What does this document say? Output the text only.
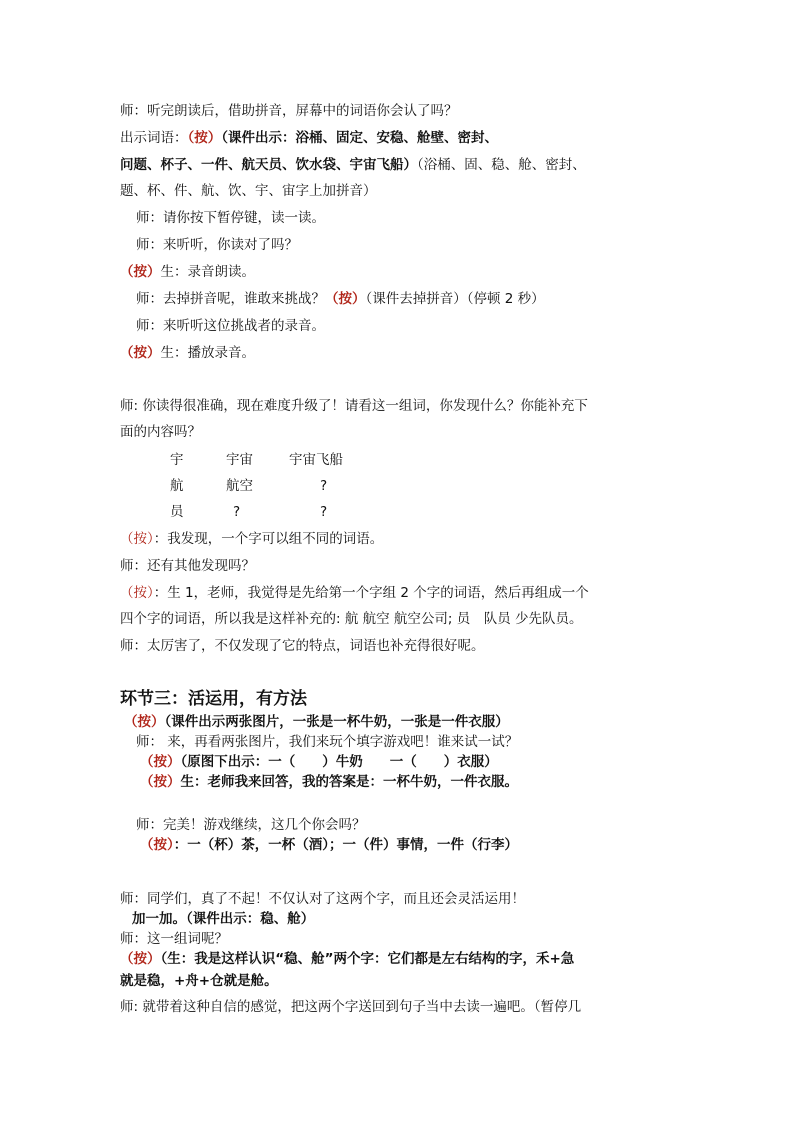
师：听完朗读后，借助拼音，屏幕中的词语你会认了吗？
出示词语：（按）（课件出示：浴桶、固定、安稳、舱壁、密封、
问题、杯子、一件、航天员、饮水袋、宇宙飞船）（浴桶、固、稳、舱、密封、
题、杯、件、航、饮、宇、宙字上加拼音）
师：请你按下暂停键，读一读。
师：来听听，你读对了吗？
（按）生：录音朗读。
师：去掉拼音呢，谁敢来挑战？（按）（课件去掉拼音）（停顿 2 秒）
师：来听听这位挑战者的录音。
（按）生：播放录音。
师: 你读得很准确，现在难度升级了！请看这一组词，你发现什么？你能补充下
面的内容吗？
宇	宇宙	宇宙飞船
航	航空	?
员	?	?
（按）：我发现，一个字可以组不同的词语。
师：还有其他发现吗？
（按）：生 1，老师，我觉得是先给第一个字组 2 个字的词语，然后再组成一个
四个字的词语，所以我是这样补充的: 航 航空 航空公司; 员　队员 少先队员。
师：太厉害了，不仅发现了它的特点，词语也补充得很好呢。
环节三：活运用，有方法
（按）（课件出示两张图片，一张是一杯牛奶，一张是一件衣服）
师： 来，再看两张图片，我们来玩个填字游戏吧！谁来试一试？
（按）（原图下出示：一（　　）牛奶　　一（　　）衣服）
（按）生：老师我来回答，我的答案是：一杯牛奶，一件衣服。
师：完美！游戏继续，这几个你会吗？
（按）：一（杯）茶，一杯（酒）；一（件）事情，一件（行李）
师：同学们，真了不起！不仅认对了这两个字，而且还会灵活运用！
加一加。（课件出示：稳、舱）
师：这一组词呢？
（按）（生：我是这样认识“稳、舱”两个字：它们都是左右结构的字，禾+急
就是稳，+舟+仓就是舱。
师: 就带着这种自信的感觉，把这两个字送回到句子当中去读一遍吧。（暂停几
